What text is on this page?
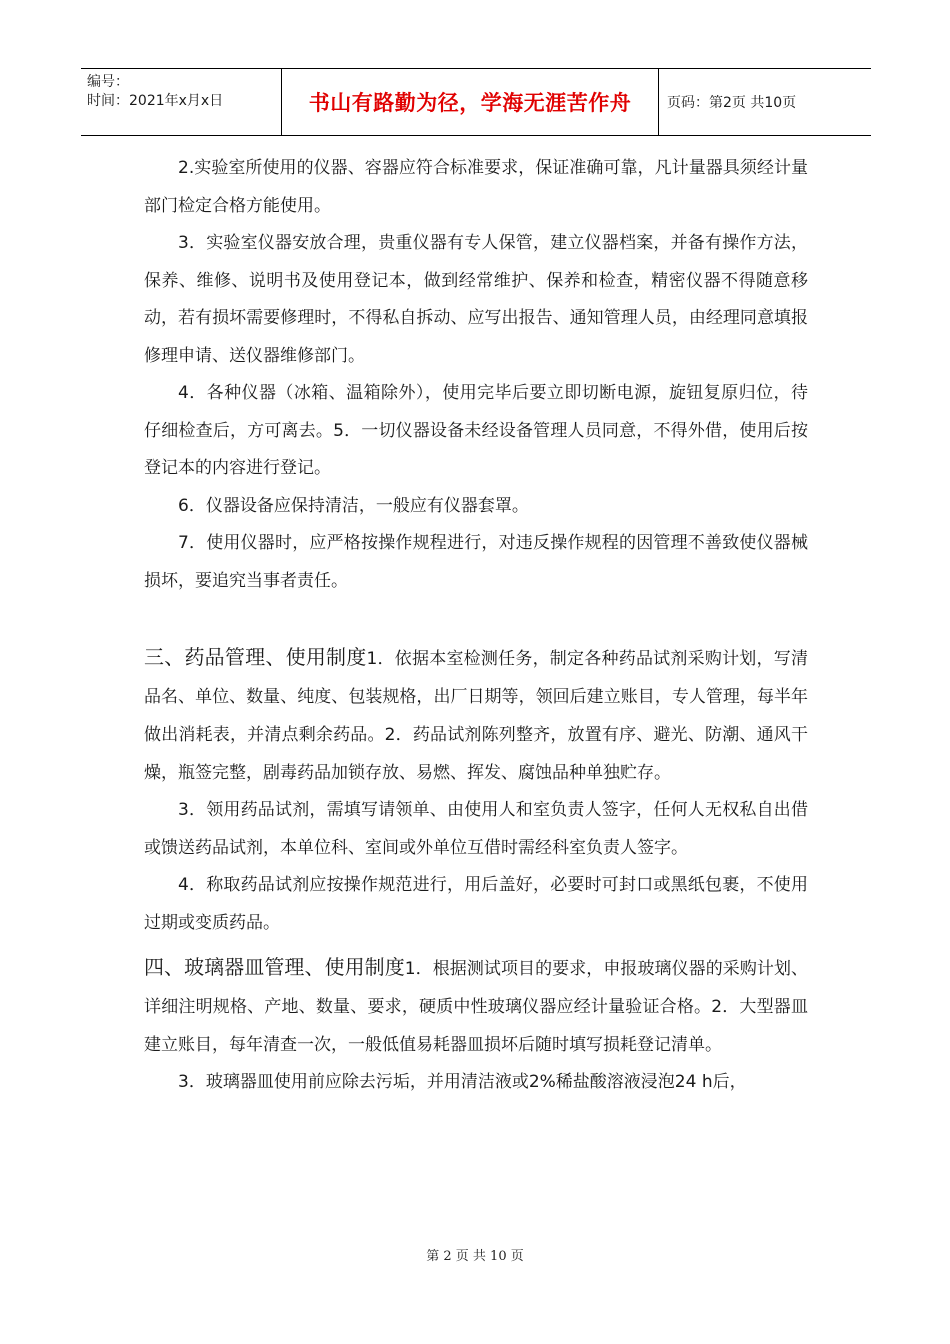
编号：
时间：2021年x月x日	书山有路勤为径，学海无涯苦作舟	页码：第2页 共10页

2.实验室所使用的仪器、容器应符合标准要求，保证准确可靠，凡计量器具须经计量部门检定合格方能使用。

3．实验室仪器安放合理，贵重仪器有专人保管，建立仪器档案，并备有操作方法，保养、维修、说明书及使用登记本，做到经常维护、保养和检查，精密仪器不得随意移动，若有损坏需要修理时，不得私自拆动、应写出报告、通知管理人员，由经理同意填报修理申请、送仪器维修部门。

4．各种仪器（冰箱、温箱除外），使用完毕后要立即切断电源，旋钮复原归位，待仔细检查后，方可离去。5．一切仪器设备未经设备管理人员同意，不得外借，使用后按登记本的内容进行登记。

6．仪器设备应保持清洁，一般应有仪器套罩。

7．使用仪器时，应严格按操作规程进行，对违反操作规程的因管理不善致使仪器械损坏，要追究当事者责任。

三、药品管理、使用制度1．依据本室检测任务，制定各种药品试剂采购计划，写清品名、单位、数量、纯度、包装规格，出厂日期等，领回后建立账目，专人管理，每半年做出消耗表，并清点剩余药品。2．药品试剂陈列整齐，放置有序、避光、防潮、通风干燥，瓶签完整，剧毒药品加锁存放、易燃、挥发、腐蚀品种单独贮存。

3．领用药品试剂，需填写请领单、由使用人和室负责人签字，任何人无权私自出借或馈送药品试剂，本单位科、室间或外单位互借时需经科室负责人签字。

4．称取药品试剂应按操作规范进行，用后盖好，必要时可封口或黑纸包裹，不使用过期或变质药品。

四、玻璃器皿管理、使用制度1．根据测试项目的要求，申报玻璃仪器的采购计划、详细注明规格、产地、数量、要求，硬质中性玻璃仪器应经计量验证合格。2．大型器皿建立账目，每年清查一次，一般低值易耗器皿损坏后随时填写损耗登记清单。

3．玻璃器皿使用前应除去污垢，并用清洁液或2%稀盐酸溶液浸泡24 h后，

第 2 页 共 10 页
